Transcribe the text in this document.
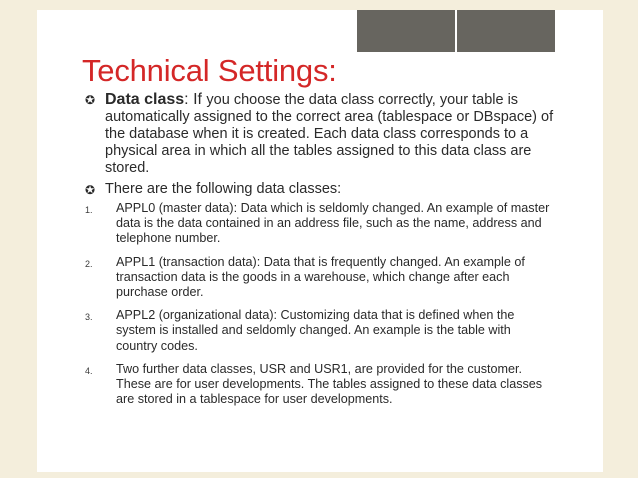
Technical Settings:
✪ Data class: If you choose the data class correctly, your table is automatically assigned to the correct area (tablespace or DBspace) of the database when it is created. Each data class corresponds to a physical area in which all the tables assigned to this data class are stored.
✪ There are the following data classes:
1. APPL0 (master data): Data which is seldomly changed. An example of master data is the data contained in an address file, such as the name, address and telephone number.
2. APPL1 (transaction data): Data that is frequently changed. An example of transaction data is the goods in a warehouse, which change after each purchase order.
3. APPL2 (organizational data): Customizing data that is defined when the system is installed and seldomly changed. An example is the table with country codes.
4. Two further data classes, USR and USR1, are provided for the customer. These are for user developments. The tables assigned to these data classes are stored in a tablespace for user developments.
